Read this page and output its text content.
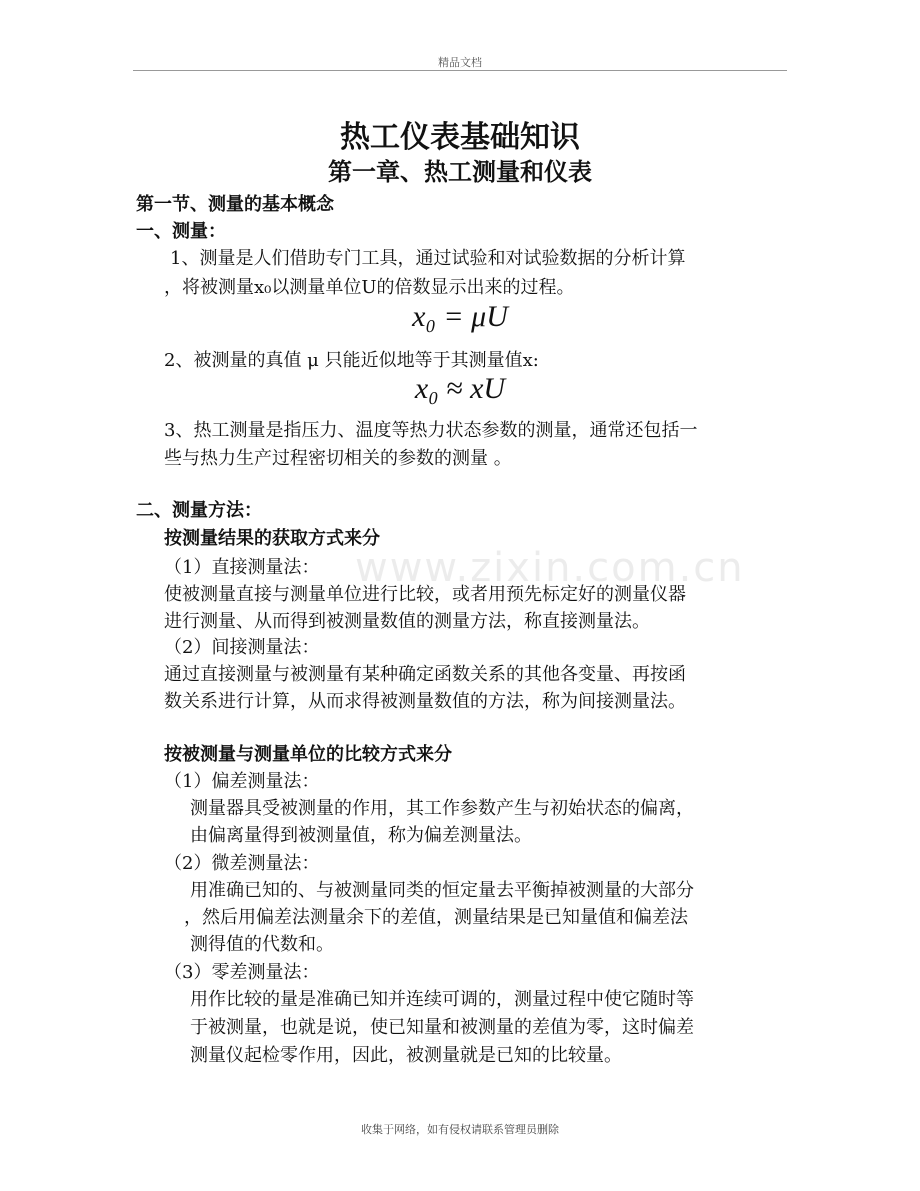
精品文档
www.zixin.com.cn
热工仪表基础知识
第一章、热工测量和仪表
第一节、测量的基本概念
一、测量：
1、测量是人们借助专门工具，通过试验和对试验数据的分析计算
，将被测量x₀以测量单位U的倍数显示出来的过程。
x₀ = μU
2、被测量的真值 μ 只能近似地等于其测量值x:
x₀ ≈ xU
3、热工测量是指压力、温度等热力状态参数的测量，通常还包括一
些与热力生产过程密切相关的参数的测量 。
二、测量方法：
按测量结果的获取方式来分
（1）直接测量法：
使被测量直接与测量单位进行比较，或者用预先标定好的测量仪器
进行测量、从而得到被测量数值的测量方法，称直接测量法。
（2）间接测量法：
通过直接测量与被测量有某种确定函数关系的其他各变量、再按函
数关系进行计算，从而求得被测量数值的方法，称为间接测量法。
按被测量与测量单位的比较方式来分
（1）偏差测量法：
测量器具受被测量的作用，其工作参数产生与初始状态的偏离，
由偏离量得到被测量值，称为偏差测量法。
（2）微差测量法：
用准确已知的、与被测量同类的恒定量去平衡掉被测量的大部分
，然后用偏差法测量余下的差值，测量结果是已知量值和偏差法
测得值的代数和。
（3）零差测量法：
用作比较的量是准确已知并连续可调的，测量过程中使它随时等
于被测量，也就是说，使已知量和被测量的差值为零，这时偏差
测量仪起检零作用，因此，被测量就是已知的比较量。
收集于网络，如有侵权请联系管理员删除
